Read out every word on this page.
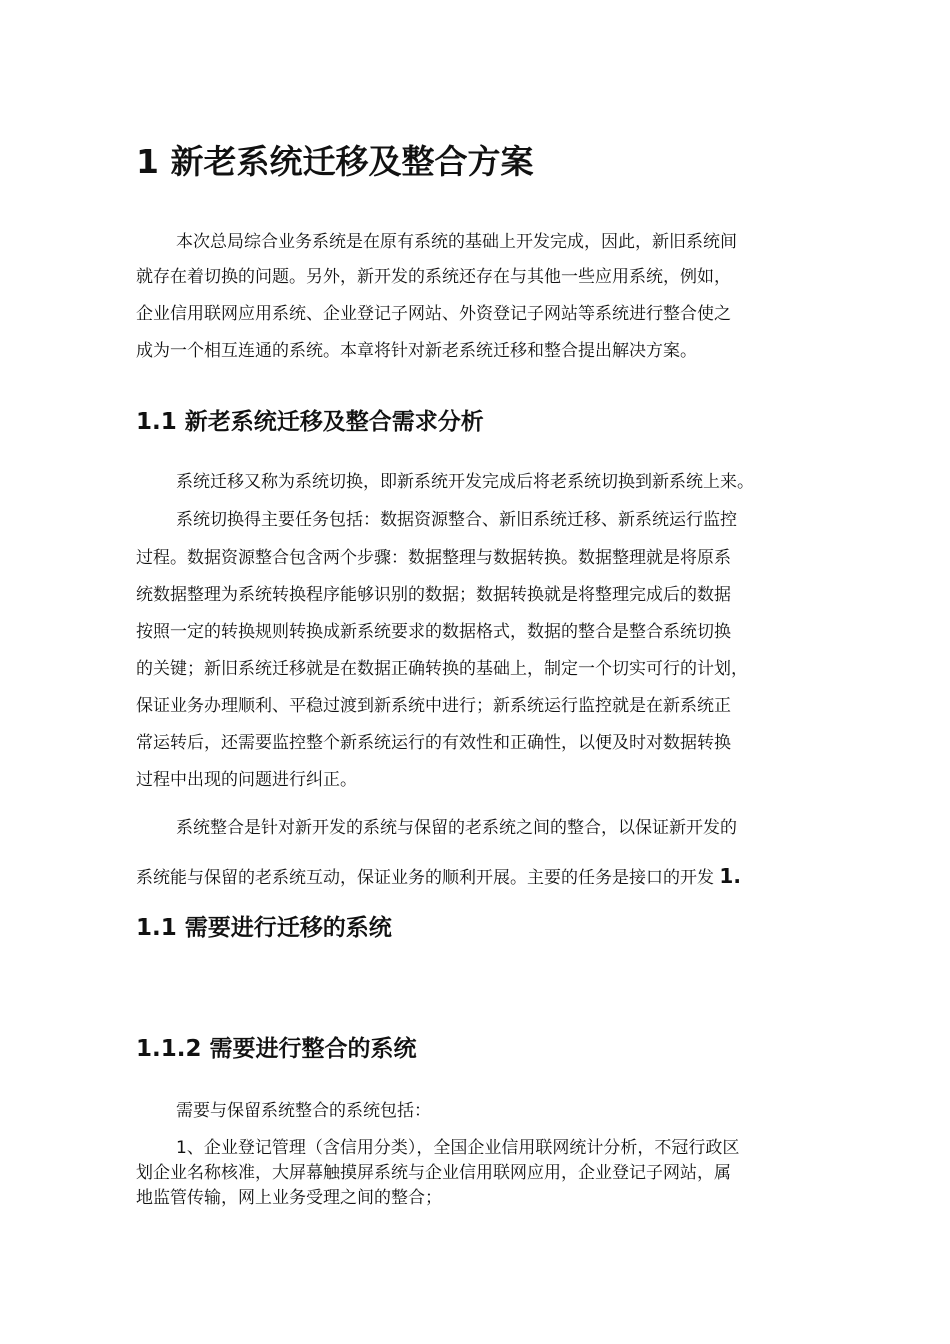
1 新老系统迁移及整合方案
本次总局综合业务系统是在原有系统的基础上开发完成，因此，新旧系统间
就存在着切换的问题。另外，新开发的系统还存在与其他一些应用系统，例如，
企业信用联网应用系统、企业登记子网站、外资登记子网站等系统进行整合使之
成为一个相互连通的系统。本章将针对新老系统迁移和整合提出解决方案。
1.1 新老系统迁移及整合需求分析
系统迁移又称为系统切换，即新系统开发完成后将老系统切换到新系统上来。
系统切换得主要任务包括：数据资源整合、新旧系统迁移、新系统运行监控
过程。数据资源整合包含两个步骤：数据整理与数据转换。数据整理就是将原系
统数据整理为系统转换程序能够识别的数据；数据转换就是将整理完成后的数据
按照一定的转换规则转换成新系统要求的数据格式，数据的整合是整合系统切换
的关键；新旧系统迁移就是在数据正确转换的基础上，制定一个切实可行的计划，
保证业务办理顺利、平稳过渡到新系统中进行；新系统运行监控就是在新系统正
常运转后，还需要监控整个新系统运行的有效性和正确性，以便及时对数据转换
过程中出现的问题进行纠正。
系统整合是针对新开发的系统与保留的老系统之间的整合，以保证新开发的
系统能与保留的老系统互动，保证业务的顺利开展。主要的任务是接口的开发 1.
1.1 需要进行迁移的系统
1.1.2 需要进行整合的系统
需要与保留系统整合的系统包括：
1、企业登记管理（含信用分类），全国企业信用联网统计分析，不冠行政区
划企业名称核准，大屏幕触摸屏系统与企业信用联网应用，企业登记子网站，属
地监管传输，网上业务受理之间的整合；
